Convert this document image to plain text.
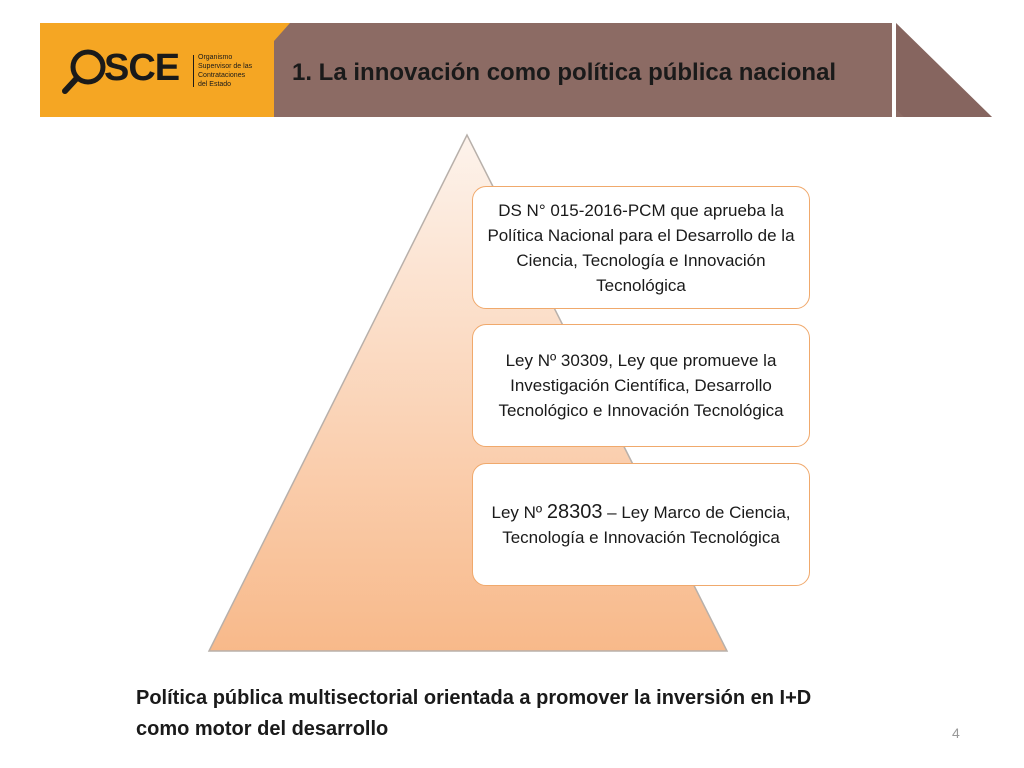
SCE	Organismo
Supervisor de las
Contrataciones
del Estado	1. La innovación como política pública nacional
DS N° 015-2016-PCM que aprueba la Política Nacional para el Desarrollo de la Ciencia, Tecnología e Innovación Tecnológica
Ley Nº 30309, Ley que promueve la Investigación Científica, Desarrollo Tecnológico e Innovación Tecnológica
Ley Nº 28303 – Ley Marco de Ciencia, Tecnología e Innovación Tecnológica
Política pública multisectorial orientada a promover la inversión en I+D como motor del desarrollo	4
